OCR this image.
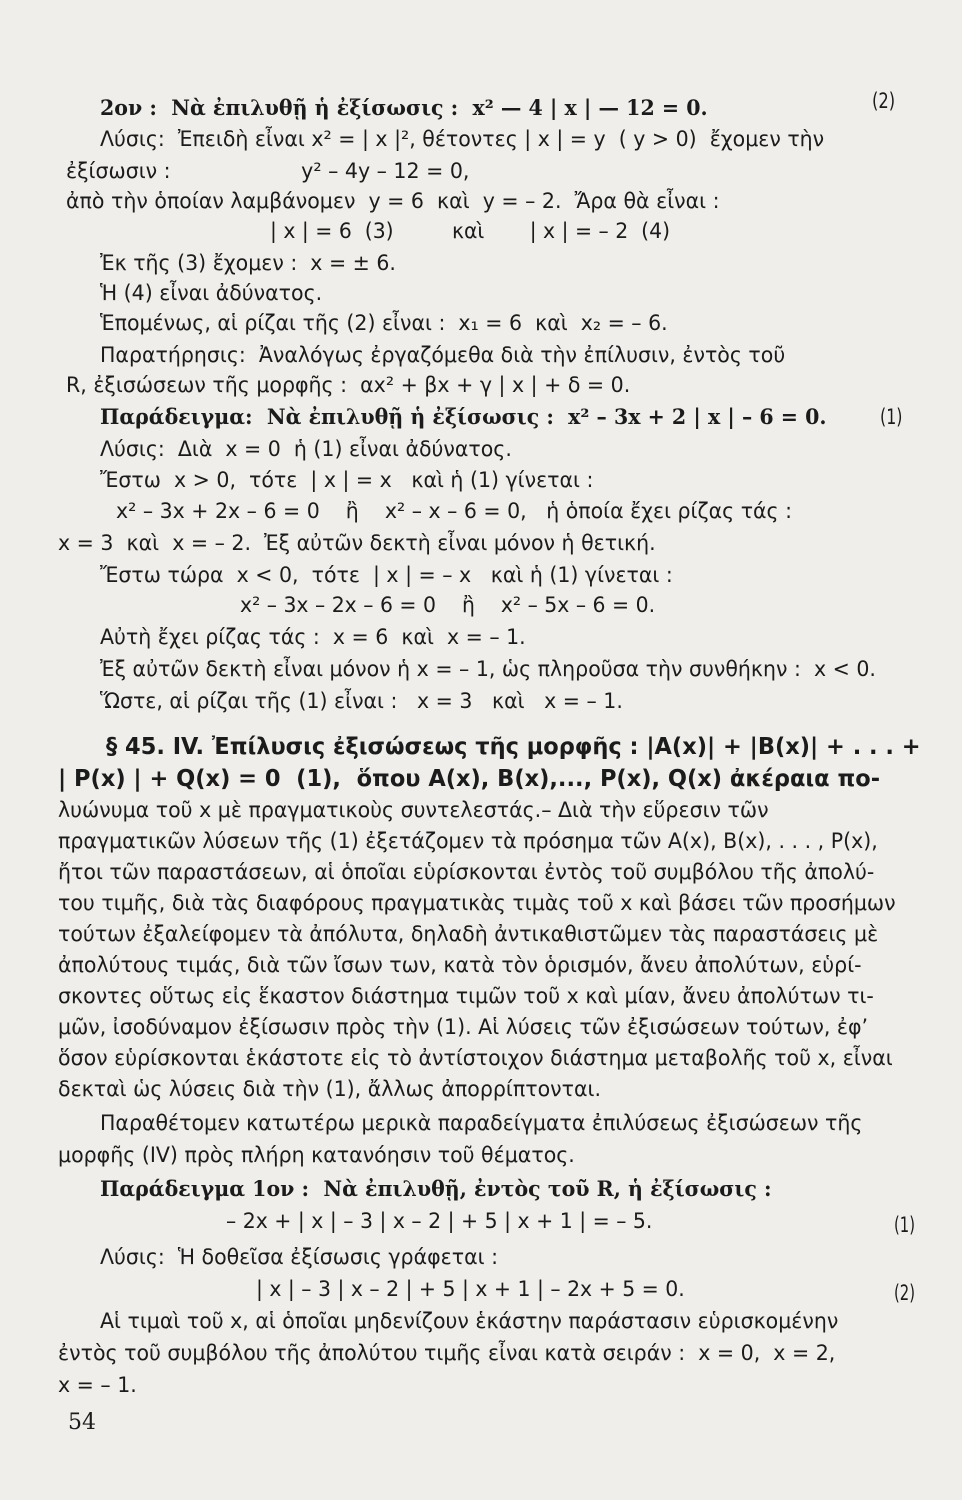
2ον :  Νὰ ἐπιλυθῇ ἡ ἐξίσωσις :  x² — 4 | x | — 12 = 0.	(2)
Λύσις:  Ἐπειδὴ εἶναι x² = | x |², θέτοντες | x | = y  ( y > 0)  ἔχομεν τὴν
ἐξίσωσιν :                    y² – 4y – 12 = 0,
ἀπὸ τὴν ὁποίαν λαμβάνομεν  y = 6  καὶ  y = – 2.  Ἄρα θὰ εἶναι :
| x | = 6  (3)         καὶ       | x | = – 2  (4)
Ἐκ τῆς (3) ἔχομεν :  x = ± 6.
Ἡ (4) εἶναι ἀδύνατος.
Ἑπομένως, αἱ ρίζαι τῆς (2) εἶναι :  x₁ = 6  καὶ  x₂ = – 6.
Παρατήρησις:  Ἀναλόγως ἐργαζόμεθα διὰ τὴν ἐπίλυσιν, ἐντὸς τοῦ
R, ἐξισώσεων τῆς μορφῆς :  αx² + βx + γ | x | + δ = 0.
Παράδειγμα:  Νὰ ἐπιλυθῇ ἡ ἐξίσωσις :  x² – 3x + 2 | x | – 6 = 0.	(1)
Λύσις:  Διὰ  x = 0  ἡ (1) εἶναι ἀδύνατος.
Ἔστω  x > 0,  τότε  | x | = x   καὶ ἡ (1) γίνεται :
x² – 3x + 2x – 6 = 0    ἢ    x² – x – 6 = 0,   ἡ ὁποία ἔχει ρίζας τάς :
x = 3  καὶ  x = – 2.  Ἐξ αὐτῶν δεκτὴ εἶναι μόνον ἡ θετική.
Ἔστω τώρα  x < 0,  τότε  | x | = – x   καὶ ἡ (1) γίνεται :
x² – 3x – 2x – 6 = 0    ἢ    x² – 5x – 6 = 0.
Αὐτὴ ἔχει ρίζας τάς :  x = 6  καὶ  x = – 1.
Ἐξ αὐτῶν δεκτὴ εἶναι μόνον ἡ x = – 1, ὡς πληροῦσα τὴν συνθήκην :  x < 0.
Ὥστε, αἱ ρίζαι τῆς (1) εἶναι :   x = 3   καὶ   x = – 1.
§ 45. IV. Ἐπίλυσις ἐξισώσεως τῆς μορφῆς : |A(x)| + |B(x)| + . . . +
| P(x) | + Q(x) = 0  (1),  ὅπου A(x), B(x),..., P(x), Q(x) ἀκέραια πο-
λυώνυμα τοῦ x μὲ πραγματικοὺς συντελεστάς.– Διὰ τὴν εὕρεσιν τῶν
πραγματικῶν λύσεων τῆς (1) ἐξετάζομεν τὰ πρόσημα τῶν A(x), B(x), . . . , P(x),
ἤτοι τῶν παραστάσεων, αἱ ὁποῖαι εὑρίσκονται ἐντὸς τοῦ συμβόλου τῆς ἀπολύ-
του τιμῆς, διὰ τὰς διαφόρους πραγματικὰς τιμὰς τοῦ x καὶ βάσει τῶν προσήμων
τούτων ἐξαλείφομεν τὰ ἀπόλυτα, δηλαδὴ ἀντικαθιστῶμεν τὰς παραστάσεις μὲ
ἀπολύτους τιμάς, διὰ τῶν ἴσων των, κατὰ τὸν ὁρισμόν, ἄνευ ἀπολύτων, εὑρί-
σκοντες οὕτως εἰς ἕκαστον διάστημα τιμῶν τοῦ x καὶ μίαν, ἄνευ ἀπολύτων τι-
μῶν, ἰσοδύναμον ἐξίσωσιν πρὸς τὴν (1). Αἱ λύσεις τῶν ἐξισώσεων τούτων, ἐφ’
ὅσον εὑρίσκονται ἑκάστοτε εἰς τὸ ἀντίστοιχον διάστημα μεταβολῆς τοῦ x, εἶναι
δεκταὶ ὡς λύσεις διὰ τὴν (1), ἄλλως ἀπορρίπτονται.
Παραθέτομεν κατωτέρω μερικὰ παραδείγματα ἐπιλύσεως ἐξισώσεων τῆς
μορφῆς (IV) πρὸς πλήρη κατανόησιν τοῦ θέματος.
Παράδειγμα 1ον :  Νὰ ἐπιλυθῇ, ἐντὸς τοῦ R, ἡ ἐξίσωσις :
– 2x + | x | – 3 | x – 2 | + 5 | x + 1 | = – 5.	(1)
Λύσις:  Ἡ δοθεῖσα ἐξίσωσις γράφεται :
| x | – 3 | x – 2 | + 5 | x + 1 | – 2x + 5 = 0.	(2)
Αἱ τιμαὶ τοῦ x, αἱ ὁποῖαι μηδενίζουν ἑκάστην παράστασιν εὑρισκομένην
ἐντὸς τοῦ συμβόλου τῆς ἀπολύτου τιμῆς εἶναι κατὰ σειράν :  x = 0,  x = 2,
x = – 1.
54
